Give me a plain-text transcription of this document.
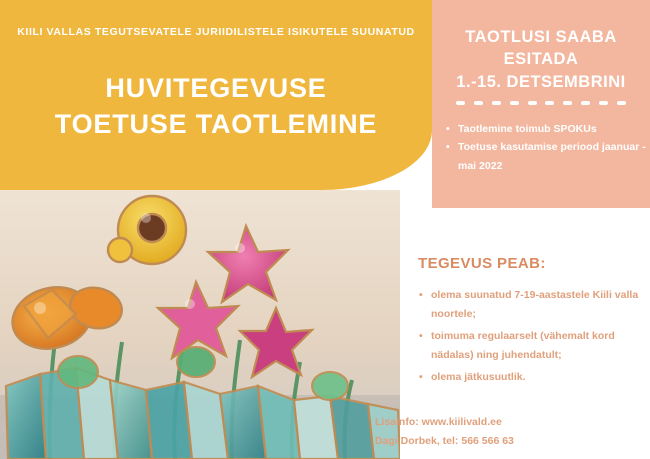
KIILI VALLAS TEGUTSEVATELE JURIIDILISTELE ISIKUTELE SUUNATUD
HUVITEGEVUSE
TOETUSE TAOTLEMINE
TAOTLUSI SAABA
ESITADA
1.-15. DETSEMBRINI
• Taotlemine toimub SPOKUs
• Toetuse kasutamise periood jaanuar - mai 2022
TEGEVUS PEAB:
• olema suunatud 7-19-aastastele Kiili valla noortele;
• toimuma regulaarselt (vähemalt kord nädalas) ning juhendatult;
• olema jätkusuutlik.
Lisainfo: www.kiilivald.ee
Dagi Dorbek, tel: 566 566 63
